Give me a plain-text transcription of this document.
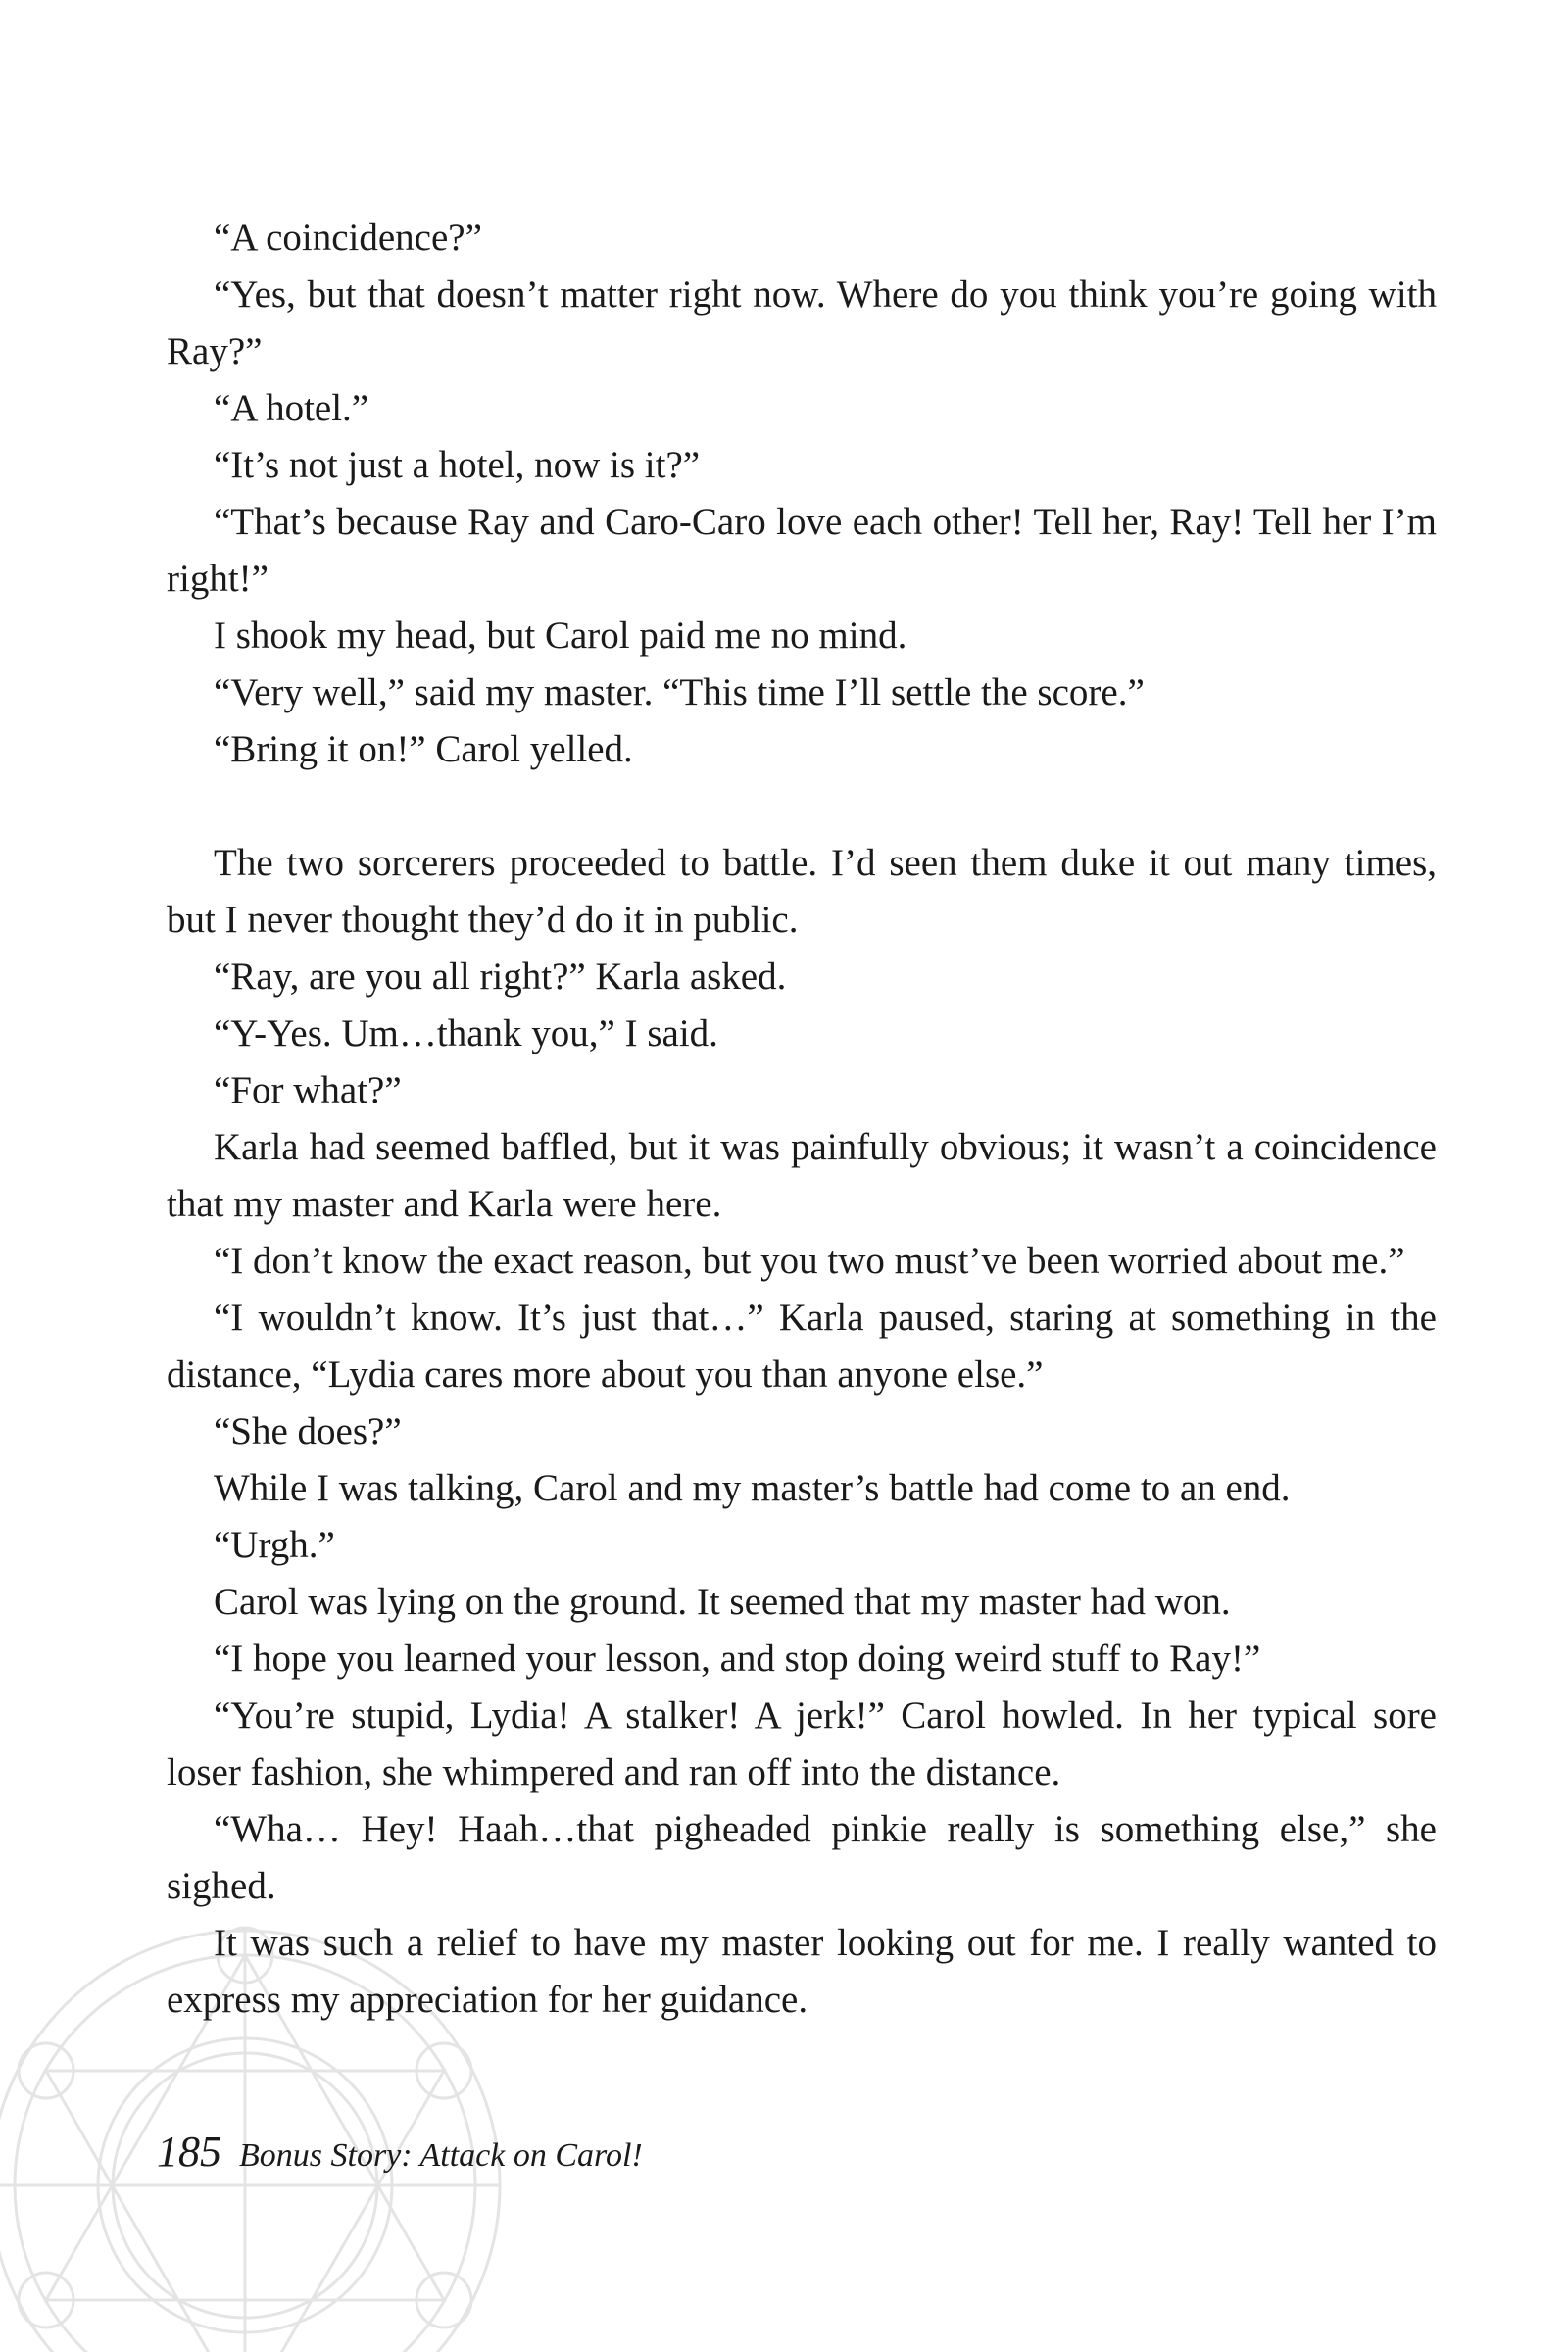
“A coincidence?”

“Yes, but that doesn’t matter right now. Where do you think you’re going with Ray?”

“A hotel.”

“It’s not just a hotel, now is it?”

“That’s because Ray and Caro-Caro love each other! Tell her, Ray! Tell her I’m right!”

I shook my head, but Carol paid me no mind.

“Very well,” said my master. “This time I’ll settle the score.”

“Bring it on!” Carol yelled.

The two sorcerers proceeded to battle. I’d seen them duke it out many times, but I never thought they’d do it in public.

“Ray, are you all right?” Karla asked.

“Y-Yes. Um…thank you,” I said.

“For what?”

Karla had seemed baffled, but it was painfully obvious; it wasn’t a coincidence that my master and Karla were here.

“I don’t know the exact reason, but you two must’ve been worried about me.”

“I wouldn’t know. It’s just that…” Karla paused, staring at something in the distance, “Lydia cares more about you than anyone else.”

“She does?”

While I was talking, Carol and my master’s battle had come to an end.

“Urgh.”

Carol was lying on the ground. It seemed that my master had won.

“I hope you learned your lesson, and stop doing weird stuff to Ray!”

“You’re stupid, Lydia! A stalker! A jerk!” Carol howled. In her typical sore loser fashion, she whimpered and ran off into the distance.

“Wha… Hey! Haah…that pigheaded pinkie really is something else,” she sighed.

It was such a relief to have my master looking out for me. I really wanted to express my appreciation for her guidance.

185 Bonus Story: Attack on Carol!
